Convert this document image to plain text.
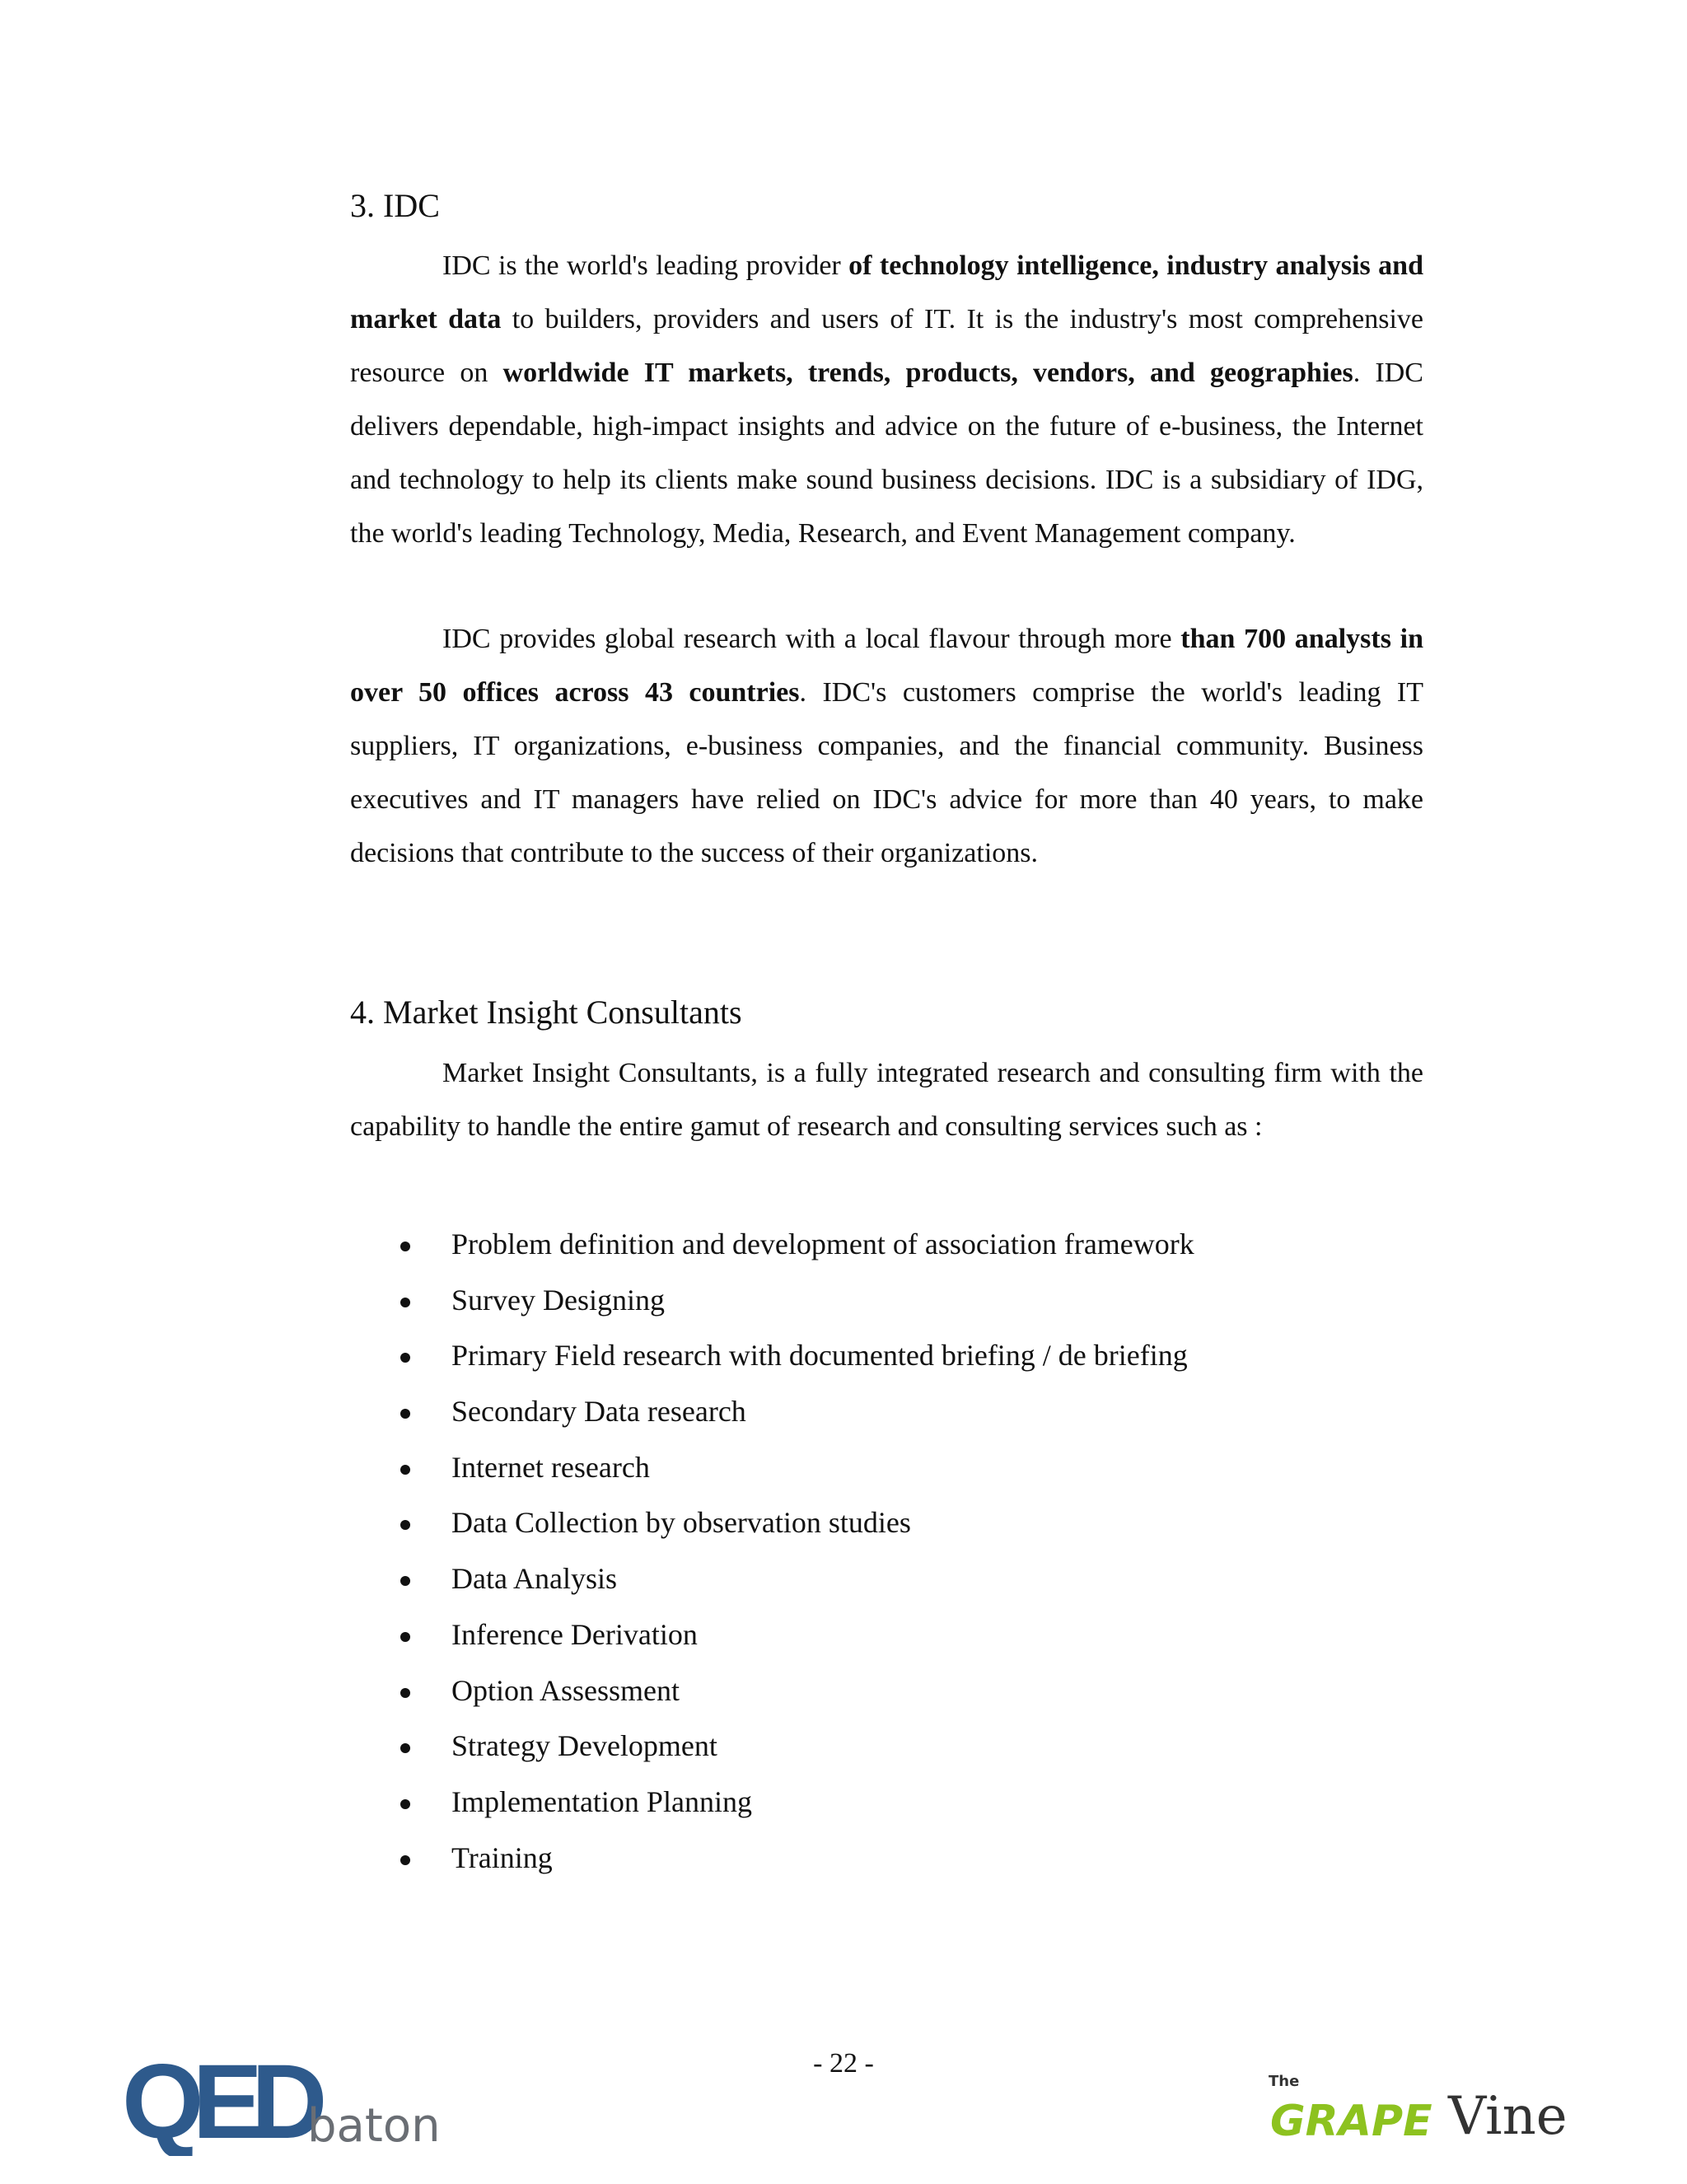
3. IDC

IDC is the world's leading provider of technology intelligence, industry analysis and market data to builders, providers and users of IT. It is the industry's most comprehensive resource on worldwide IT markets, trends, products, vendors, and geographies. IDC delivers dependable, high-impact insights and advice on the future of e-business, the Internet and technology to help its clients make sound business decisions. IDC is a subsidiary of IDG, the world's leading Technology, Media, Research, and Event Management company.

IDC provides global research with a local flavour through more than 700 analysts in over 50 offices across 43 countries. IDC's customers comprise the world's leading IT suppliers, IT organizations, e-business companies, and the financial community. Business executives and IT managers have relied on IDC's advice for more than 40 years, to make decisions that contribute to the success of their organizations.

4. Market Insight Consultants

Market Insight Consultants, is a fully integrated research and consulting firm with the capability to handle the entire gamut of research and consulting services such as :

Problem definition and development of association framework
Survey Designing
Primary Field research with documented briefing / de briefing
Secondary Data research
Internet research
Data Collection by observation studies
Data Analysis
Inference Derivation
Option Assessment
Strategy Development
Implementation Planning
Training
- 22 -
QED
baton
The
GRAPE Vine
